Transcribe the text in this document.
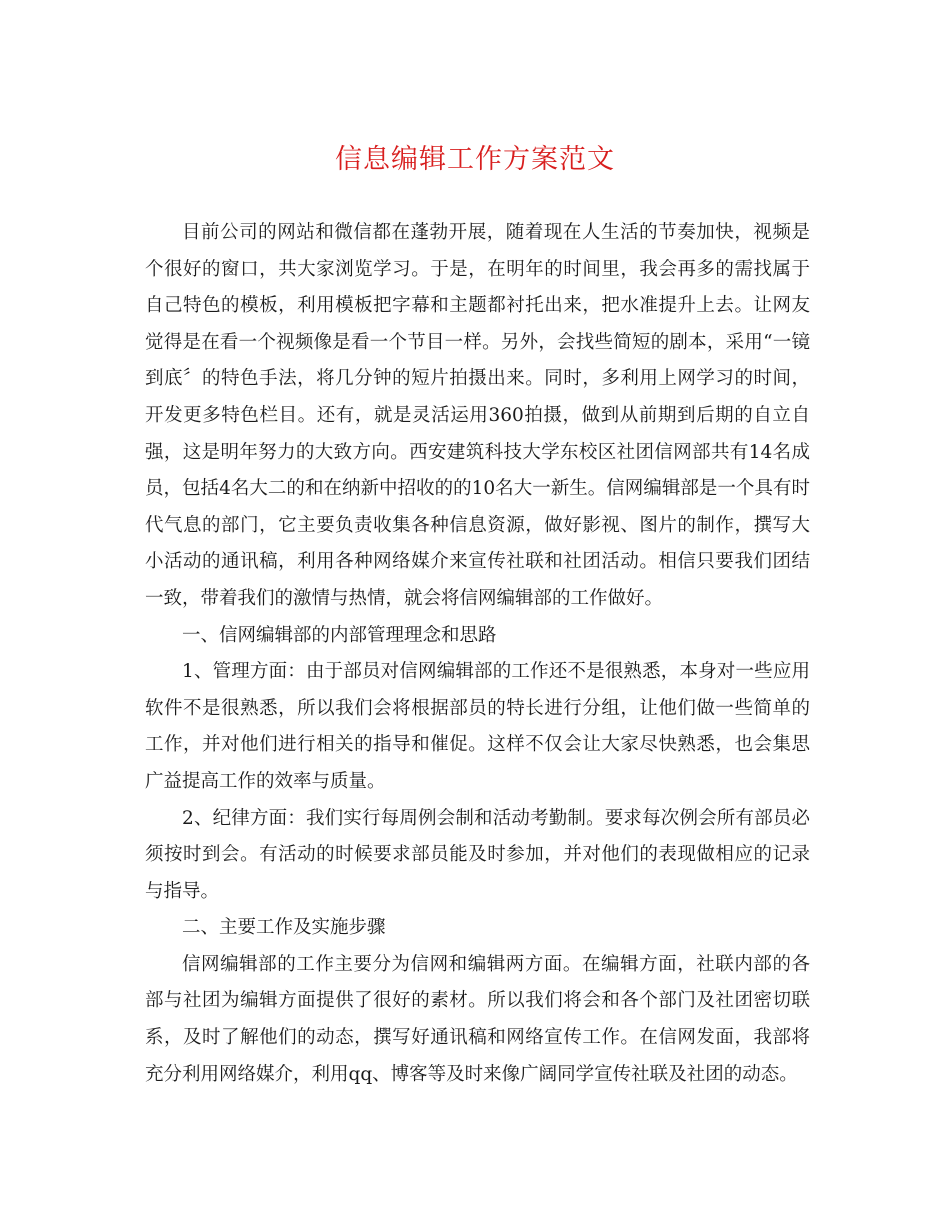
信息编辑工作方案范文

目前公司的网站和微信都在蓬勃开展，随着现在人生活的节奏加快，视频是个很好的窗口，共大家浏览学习。于是，在明年的时间里，我会再多的需找属于自己特色的模板，利用模板把字幕和主题都衬托出来，把水准提升上去。让网友觉得是在看一个视频像是看一个节目一样。另外，会找些简短的剧本，采用“一镜到底〞的特色手法，将几分钟的短片拍摄出来。同时，多利用上网学习的时间，开发更多特色栏目。还有，就是灵活运用360拍摄，做到从前期到后期的自立自强，这是明年努力的大致方向。西安建筑科技大学东校区社团信网部共有14名成员，包括4名大二的和在纳新中招收的的10名大一新生。信网编辑部是一个具有时代气息的部门，它主要负责收集各种信息资源，做好影视、图片的制作，撰写大小活动的通讯稿，利用各种网络媒介来宣传社联和社团活动。相信只要我们团结一致，带着我们的激情与热情，就会将信网编辑部的工作做好。

一、信网编辑部的内部管理理念和思路

1、管理方面：由于部员对信网编辑部的工作还不是很熟悉，本身对一些应用软件不是很熟悉，所以我们会将根据部员的特长进行分组，让他们做一些简单的工作，并对他们进行相关的指导和催促。这样不仅会让大家尽快熟悉，也会集思广益提高工作的效率与质量。

2、纪律方面：我们实行每周例会制和活动考勤制。要求每次例会所有部员必须按时到会。有活动的时候要求部员能及时参加，并对他们的表现做相应的记录与指导。

二、主要工作及实施步骤

信网编辑部的工作主要分为信网和编辑两方面。在编辑方面，社联内部的各部与社团为编辑方面提供了很好的素材。所以我们将会和各个部门及社团密切联系，及时了解他们的动态，撰写好通讯稿和网络宣传工作。在信网发面，我部将充分利用网络媒介，利用qq、博客等及时来像广阔同学宣传社联及社团的动态。
